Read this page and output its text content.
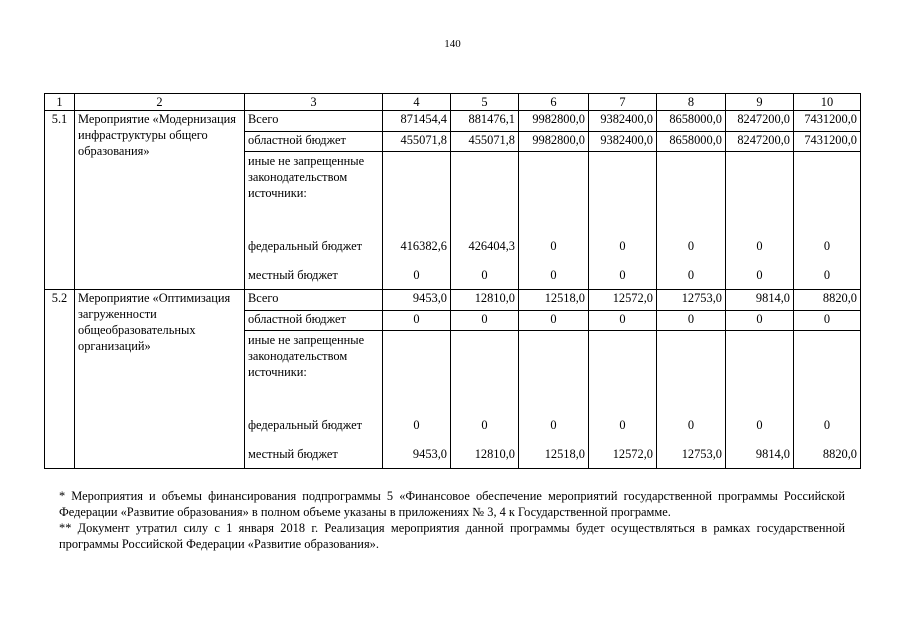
140
1	2	3	4	5	6	7	8	9	10
5.1	Мероприятие «Модернизация инфраструктуры общего образования»	Всего	871454,4	881476,1	9982800,0	9382400,0	8658000,0	8247200,0	7431200,0
		областной бюджет	455071,8	455071,8	9982800,0	9382400,0	8658000,0	8247200,0	7431200,0
		иные не запрещенные законодательством источники:							
		федеральный бюджет	416382,6	426404,3	0	0	0	0	0
		местный бюджет	0	0	0	0	0	0	0
5.2	Мероприятие «Оптимизация загруженности общеобразовательных организаций»	Всего	9453,0	12810,0	12518,0	12572,0	12753,0	9814,0	8820,0
		областной бюджет	0	0	0	0	0	0	0
		иные не запрещенные законодательством источники:							
		федеральный бюджет	0	0	0	0	0	0	0
		местный бюджет	9453,0	12810,0	12518,0	12572,0	12753,0	9814,0	8820,0

* Мероприятия и объемы финансирования подпрограммы 5 «Финансовое обеспечение мероприятий государственной программы Российской Федерации «Развитие образования» в полном объеме указаны в приложениях № 3, 4 к Государственной программе.

** Документ утратил силу с 1 января 2018 г. Реализация мероприятия данной программы будет осуществляться в рамках государственной программы Российской Федерации «Развитие образования».
